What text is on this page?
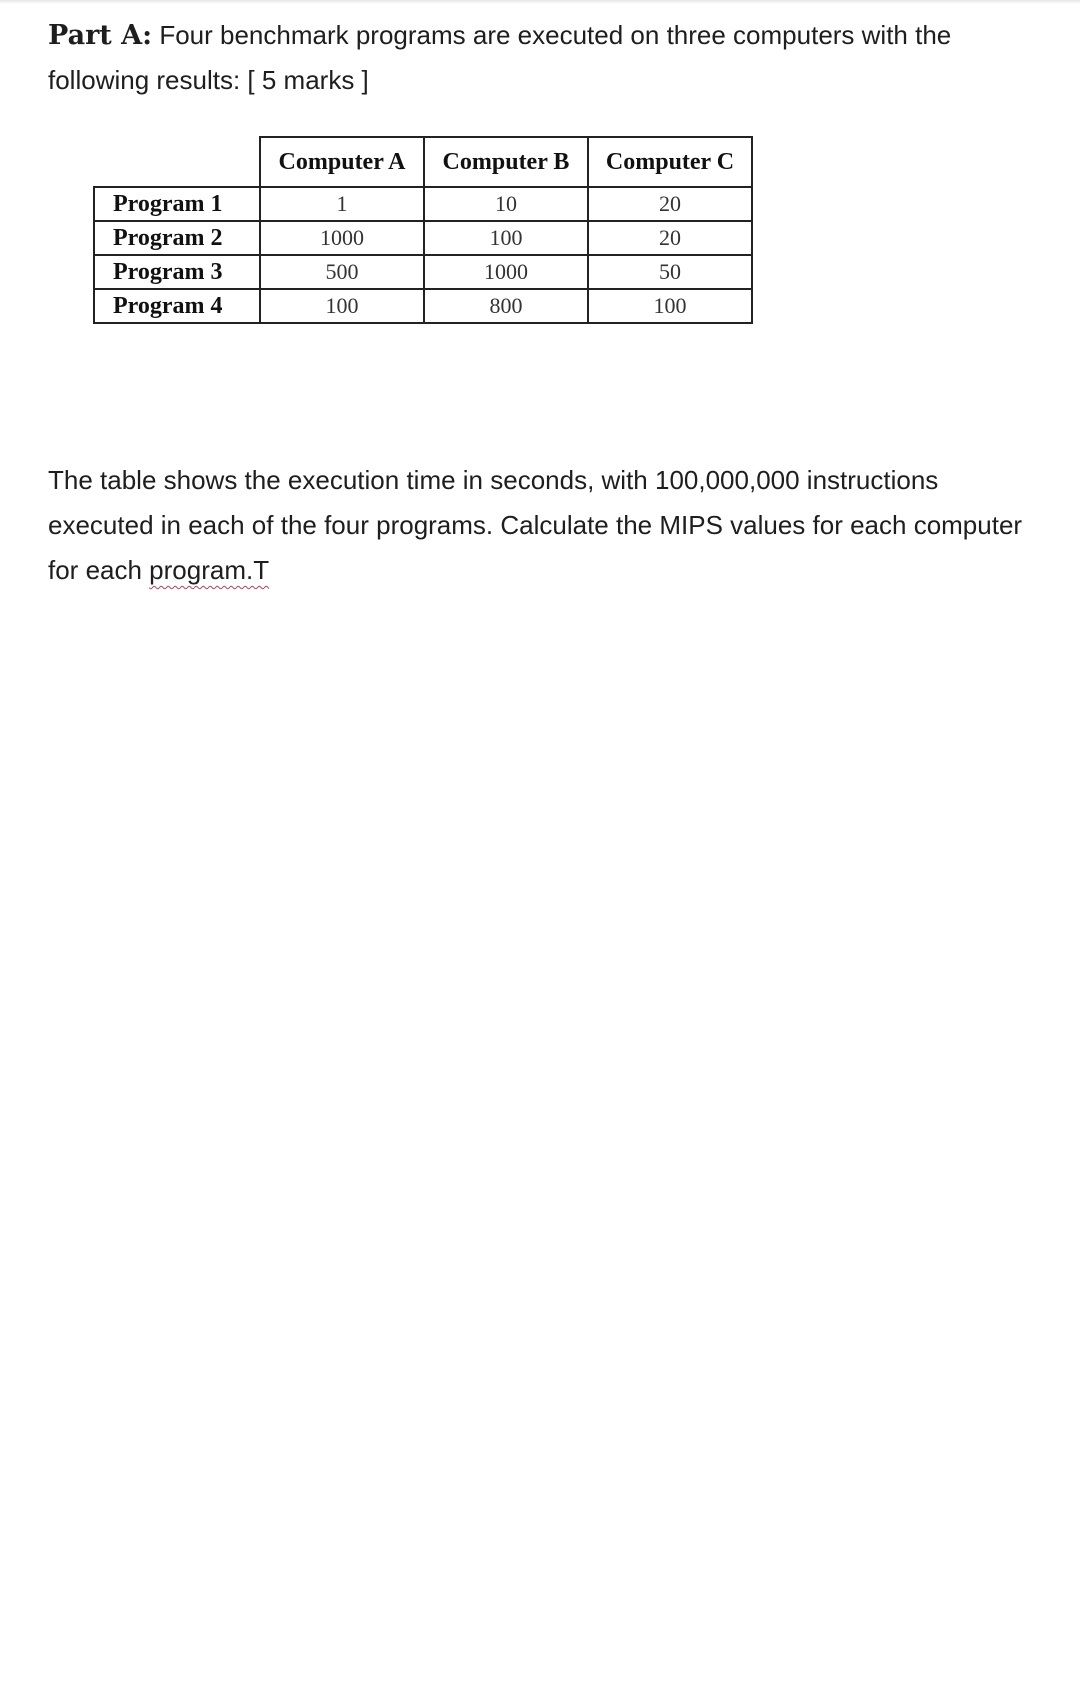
Part A: Four benchmark programs are executed on three computers with the following results: [ 5 marks ]

	Computer A	Computer B	Computer C
Program 1	1	10	20
Program 2	1000	100	20
Program 3	500	1000	50
Program 4	100	800	100

The table shows the execution time in seconds, with 100,000,000 instructions executed in each of the four programs. Calculate the MIPS values for each computer for each program.T
